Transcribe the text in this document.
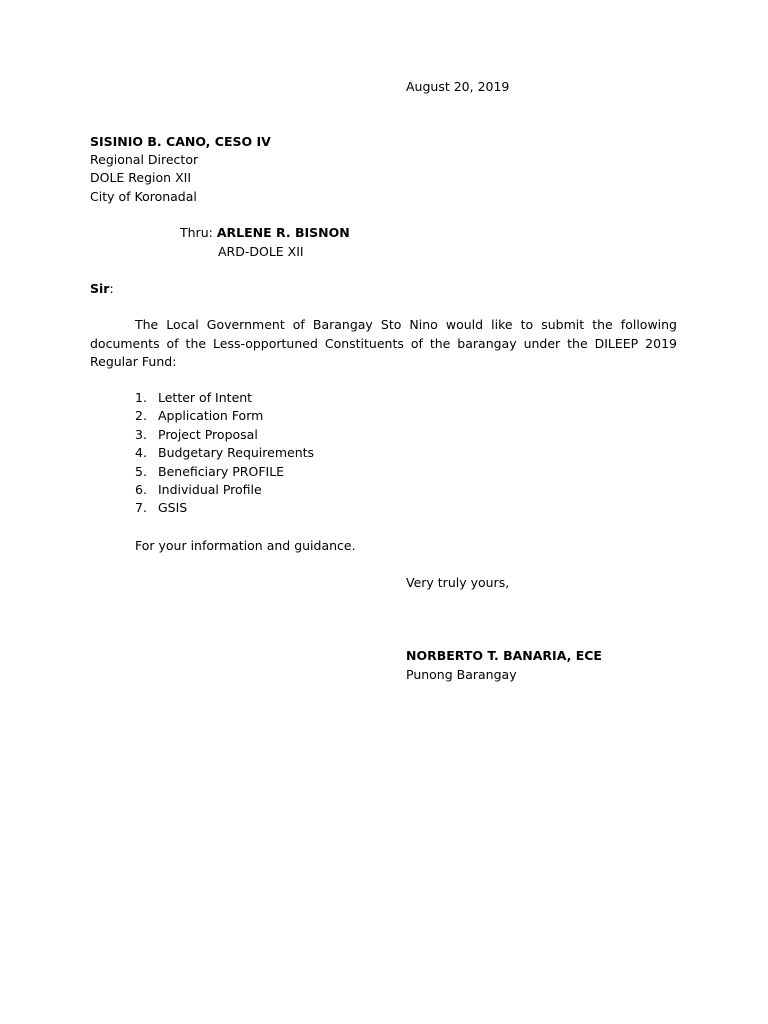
August 20, 2019
SISINIO B. CANO, CESO IV
Regional Director
DOLE Region XII
City of Koronadal
Thru: ARLENE R. BISNON
ARD-DOLE XII
Sir:
The Local Government of Barangay Sto Nino would like to submit the following documents of the Less-opportuned Constituents of the barangay under the DILEEP 2019 Regular Fund:
1. Letter of Intent
2. Application Form
3. Project Proposal
4. Budgetary Requirements
5. Beneficiary PROFILE
6. Individual Profile
7. GSIS
For your information and guidance.
Very truly yours,
NORBERTO T. BANARIA, ECE
Punong Barangay
